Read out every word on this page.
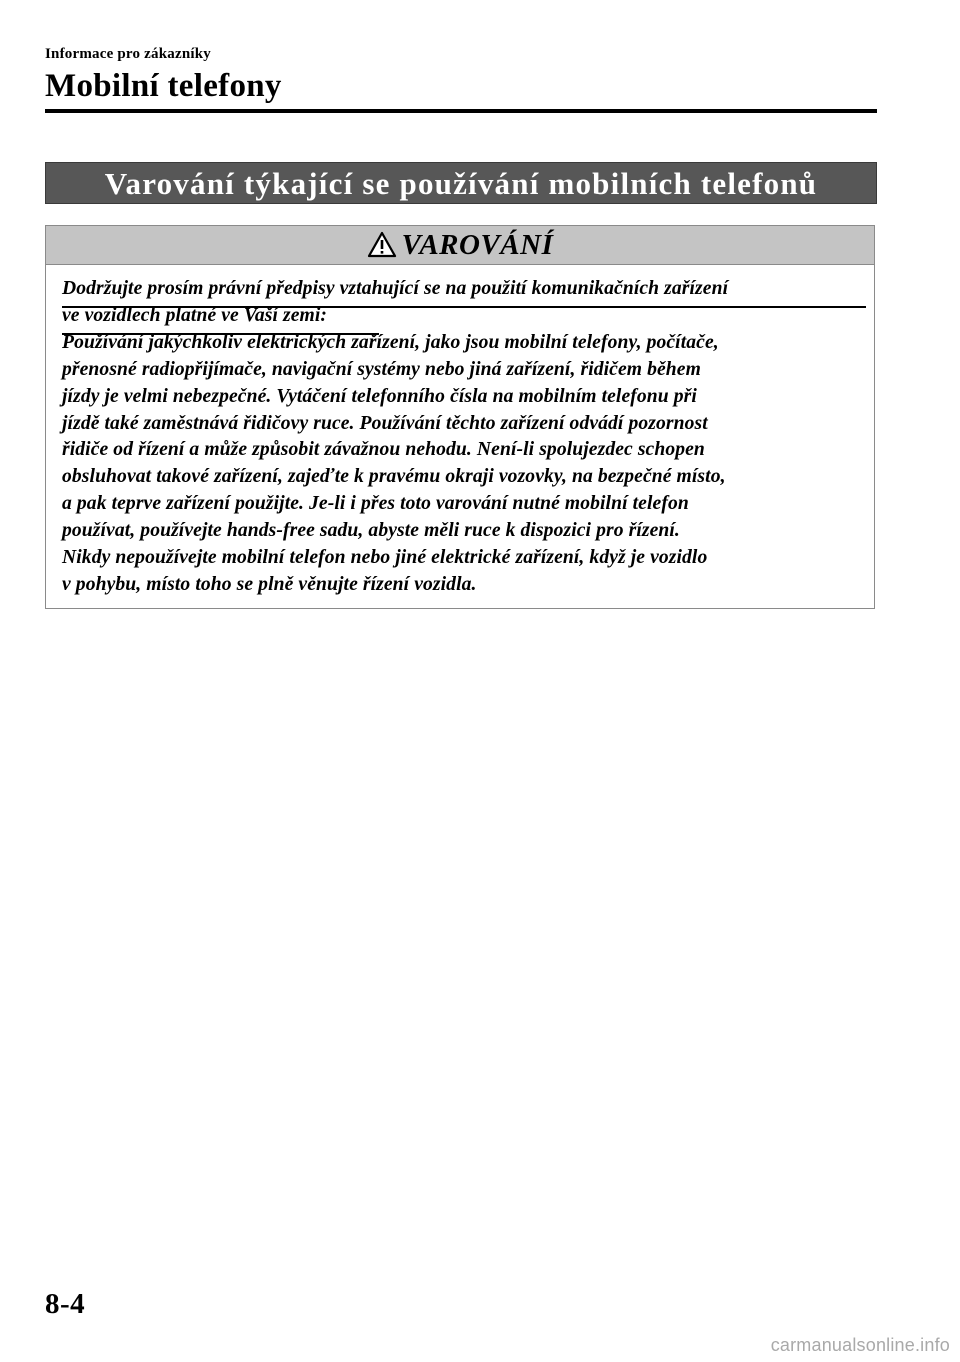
Informace pro zákazníky
Mobilní telefony
Varování týkající se používání mobilních telefonů
VAROVÁNÍ
Dodržujte prosím právní předpisy vztahující se na použití komunikačních zařízení
ve vozidlech platné ve Vaší zemi:
Používání jakýchkoliv elektrických zařízení, jako jsou mobilní telefony, počítače,
přenosné radiopřijímače, navigační systémy nebo jiná zařízení, řidičem během
jízdy je velmi nebezpečné. Vytáčení telefonního čísla na mobilním telefonu při
jízdě také zaměstnává řidičovy ruce. Používání těchto zařízení odvádí pozornost
řidiče od řízení a může způsobit závažnou nehodu. Není-li spolujezdec schopen
obsluhovat takové zařízení, zajeďte k pravému okraji vozovky, na bezpečné místo,
a pak teprve zařízení použijte. Je-li i přes toto varování nutné mobilní telefon
používat, používejte hands-free sadu, abyste měli ruce k dispozici pro řízení.
Nikdy nepoužívejte mobilní telefon nebo jiné elektrické zařízení, když je vozidlo
v pohybu, místo toho se plně věnujte řízení vozidla.
8-4
carmanualsonline.info
